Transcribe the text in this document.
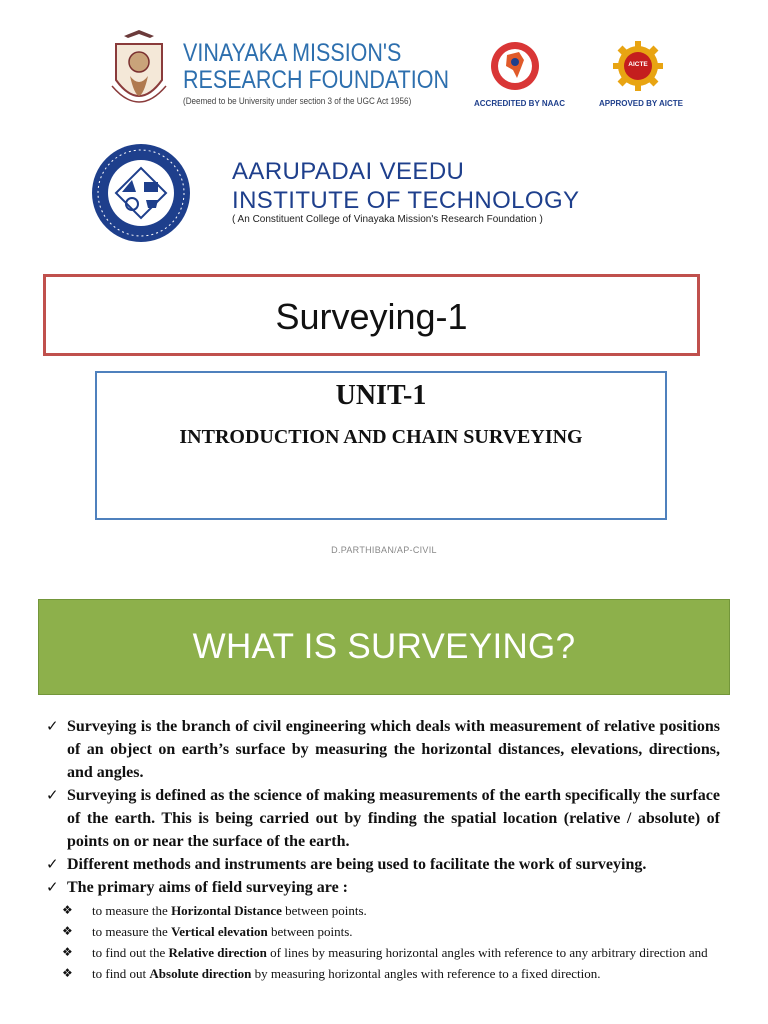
VINAYAKA MISSION'S
RESEARCH FOUNDATION
(Deemed to be University under section 3 of the UGC Act 1956)	ACCREDITED BY NAAC
AICTE
APPROVED BY AICTE
AARUPADAI VEEDU
INSTITUTE OF TECHNOLOGY
( An Constituent College of Vinayaka Mission's Research Foundation )
Surveying-1
UNIT-1
INTRODUCTION AND CHAIN SURVEYING
D.PARTHIBAN/AP-CIVIL
WHAT IS SURVEYING?

✓ Surveying is the branch of civil engineering which deals with measurement of relative positions of an object on earth’s surface by measuring the horizontal distances, elevations, directions, and angles.

✓ Surveying is defined as the science of making measurements of the earth specifically the surface of the earth. This is being carried out by finding the spatial location (relative / absolute) of points on or near the surface of the earth.

✓ Different methods and instruments are being used to facilitate the work of surveying.

✓ The primary aims of field surveying are :

❖ to measure the Horizontal Distance between points.

❖ to measure the Vertical elevation between points.

❖ to find out the Relative direction of lines by measuring horizontal angles with reference to any arbitrary direction and

❖ to find out Absolute direction by measuring horizontal angles with reference to a fixed direction.
